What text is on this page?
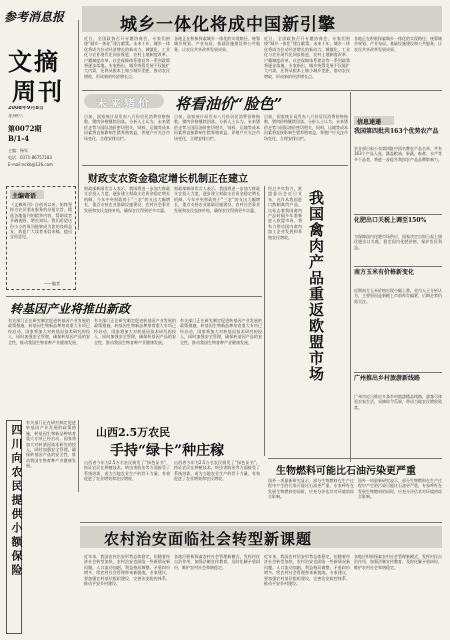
参考消息报
文摘
周刊
2008年9月8日
星期六
第0072期
B/1-4
主编：杨军
电话：0371-86757183
E-mail:nckb@126.com
城乡一体化将成中国新引擎
近日，全国政协召开专题协商会，专家们围绕“城乡一体化”建言献策。未来十年，城乡一体化将成为拉动经济增长的新动力。城镇化、工业化与农业现代化同步推进，农村土地制度改革、户籍制度改革、社会保障体系建设等一系列政策将逐步落地。专家指出，城乡统筹发展不仅能扩大内需，还将从根本上缩小城乡差距，推动农民增收，形成新的经济增长点。
各地正在积极探索城乡一体化的实现路径，统筹城乡规划、产业布局、基础设施建设和公共服务，让农民共享改革发展成果。
近日，全国政协召开专题协商会，专家们围绕“城乡一体化”建言献策。未来十年，城乡一体化将成为拉动经济增长的新动力。城镇化、工业化与农业现代化同步推进，农村土地制度改革、户籍制度改革、社会保障体系建设等一系列政策将逐步落地。专家指出，城乡统筹发展不仅能扩大内需，还将从根本上缩小城乡差距，推动农民增收，形成新的经济增长点。
各地正在积极探索城乡一体化的实现路径，统筹城乡规划、产业布局、基础设施建设和公共服务，让农民共享改革发展成果。
未来猪价 将看油价“脸色”
日前，国家统计局发布八月份居民消费价格指数，猪肉价格继续回落。分析人士认为，未来猪价走势与国际油价密切相关，饲料、运输等成本因素将直接影响生猪养殖效益，养殖户应关注市场变化，合理安排出栏。
日前，国家统计局发布八月份居民消费价格指数，猪肉价格继续回落。分析人士认为，未来猪价走势与国际油价密切相关，饲料、运输等成本因素将直接影响生猪养殖效益，养殖户应关注市场变化，合理安排出栏。
日前，国家统计局发布八月份居民消费价格指数，猪肉价格继续回落。分析人士认为，未来猪价走势与国际油价密切相关，饲料、运输等成本因素将直接影响生猪养殖效益，养殖户应关注市场变化，合理安排出栏。
信息速递
我国第四批共163个优势农产品
农业部日前公布第四批中国名牌农产品名单，共有163个产品入选，涵盖粮油、果蔬、畜禽、水产等多个品类，将进一步提升我国农产品品牌影响力。
化肥出口关税上调至150%
为保障国内化肥市场供应，国家决定自即日起上调化肥出口关税，稳定国内化肥价格，保护农民利益。
南方玉米有价格新变化
近期南方玉米价格出现小幅上涨，业内人士分析认为，主要原因是新粮上市前库存偏紧，后期走势仍需关注。
广州推出乡村旅游新线路
广州市近日推出多条乡村旅游精品线路，游客可体验农家生活、采摘时令瓜果，带动当地农民增收致富。
主编寄语
《文摘周刊》自创刊以来，始终坚持为农民朋友服务的办报宗旨，精选各地报刊的精华内容，帮助读者开阔视野、增长知识。我们希望这份小小的周刊能够成为您的良师益友，欢迎广大读者来信来稿，提出宝贵意见。
——编者
财政支农资金稳定增长机制正在建立
财政部新闻发言人表示，我国将进一步加大财政支农投入力度，逐步建立财政支农资金稳定增长机制。今年中央财政用于“三农”的支出大幅增长，重点支持农业基础设施建设、农村社会事业发展和农民直接补贴，确保农民得到更多实惠。
财政部新闻发言人表示，我国将进一步加大财政支农投入力度，逐步建立财政支农资金稳定增长机制。今年中央财政用于“三农”的支出大幅增长，重点支持农业基础设施建设、农村社会事业发展和农民直接补贴，确保农民得到更多实惠。
经过多年努力，欧盟委员会近日宣布，允许从我国进口熟制禽肉产品，这标志着我国禽肉产品时隔多年重新进入欧盟市场，将有力带动国内禽肉加工企业发展和养殖农民增收。	我国禽肉产品重返欧盟市场
转基因产业将推出新政
有关部门正在研究制定促进转基因产业发展的政策措施，转基因生物新品种培育重大专项已经启动，国家将加大对转基因技术研究的投入，同时加强安全管理，确保转基因产品的安全性，推动我国生物育种产业健康发展。
有关部门正在研究制定促进转基因产业发展的政策措施，转基因生物新品种培育重大专项已经启动，国家将加大对转基因技术研究的投入，同时加强安全管理，确保转基因产品的安全性，推动我国生物育种产业健康发展。
有关部门正在研究制定促进转基因产业发展的政策措施，转基因生物新品种培育重大专项已经启动，国家将加大对转基因技术研究的投入，同时加强安全管理，确保转基因产品的安全性，推动我国生物育种产业健康发展。
四川向农民提供小额保险
有关部门正在研究制定促进转基因产业发展的政策措施，转基因生物新品种培育重大专项已经启动，国家将加大对转基因技术研究的投入，同时加强安全管理，确保转基因产品的安全性，推动我国生物育种产业健康发展。
山西2.5万农民
手持“绿卡”种庄稼
山西省今年为2.5万名农民颁发了“绿色证书”，持证农民在种植技术、病虫害防治等方面接受了系统培训，成为当地农业生产的骨干力量，有效促进了农业增效和农民增收。
山西省今年为2.5万名农民颁发了“绿色证书”，持证农民在种植技术、病虫害防治等方面接受了系统培训，成为当地农业生产的骨干力量，有效促进了农业增效和农民增收。
生物燃料可能比石油污染更严重
国外一项最新研究显示，部分生物燃料在生产过程中产生的污染可能比石油更严重，专家呼吁在发展生物燃料的同时，应充分评估其对环境的综合影响。
国外一项最新研究显示，部分生物燃料在生产过程中产生的污染可能比石油更严重，专家呼吁在发展生物燃料的同时，应充分评估其对环境的综合影响。
农村治安面临社会转型新课题
近年来，我国农村治安形势总体稳定，但随着经济社会转型加快，农村治安也面临一些新情况新问题。人口流动加剧、利益格局调整、矛盾纠纷增多，给农村社会管理带来新挑战。专家建议，要加强农村基层组织建设，完善治安防控体系，推动平安乡村建设。
各地应积极探索农村社会管理新模式，发挥村民自治作用，加强法制宣传教育，及时化解矛盾纠纷，维护农村社会和谐稳定。
近年来，我国农村治安形势总体稳定，但随着经济社会转型加快，农村治安也面临一些新情况新问题。人口流动加剧、利益格局调整、矛盾纠纷增多，给农村社会管理带来新挑战。专家建议，要加强农村基层组织建设，完善治安防控体系，推动平安乡村建设。
各地应积极探索农村社会管理新模式，发挥村民自治作用，加强法制宣传教育，及时化解矛盾纠纷，维护农村社会和谐稳定。
